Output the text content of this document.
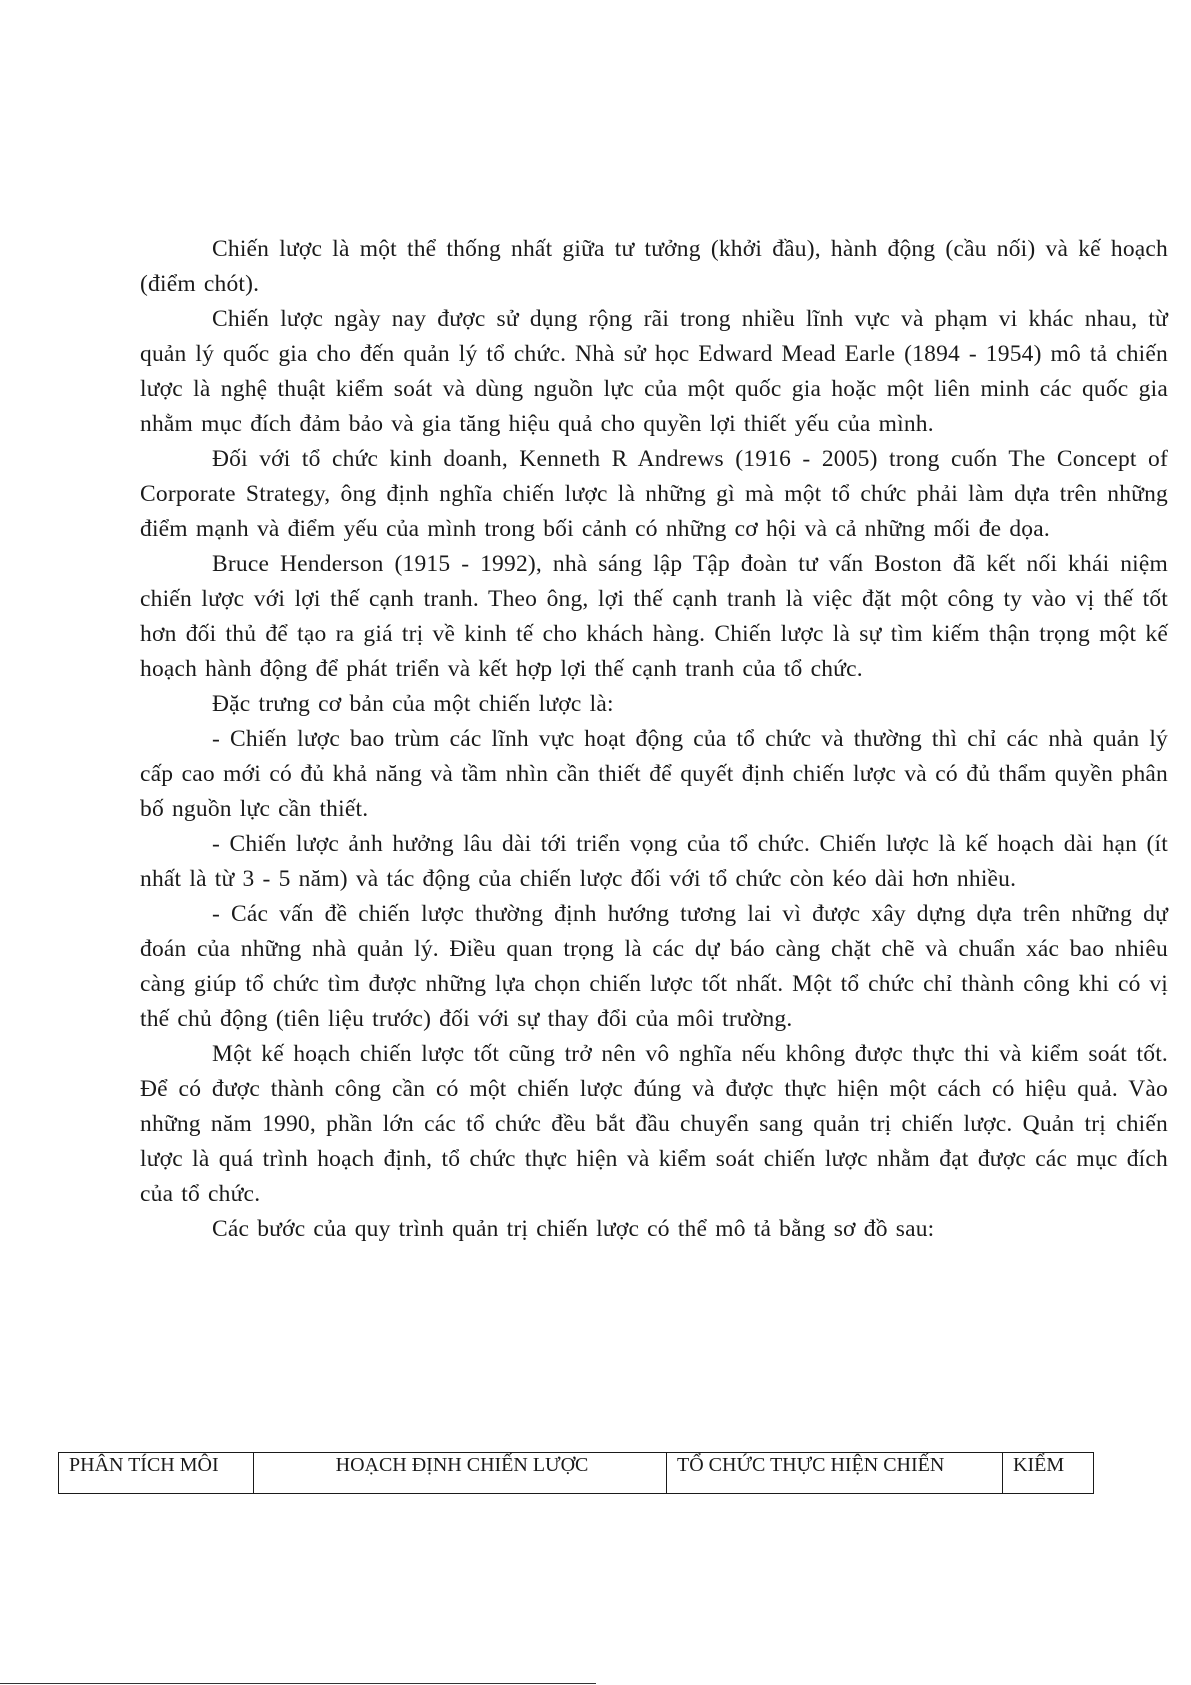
Chiến lược là một thể thống nhất giữa tư tưởng (khởi đầu), hành động (cầu nối) và kế hoạch (điểm chót).

Chiến lược ngày nay được sử dụng rộng rãi trong nhiều lĩnh vực và phạm vi khác nhau, từ quản lý quốc gia cho đến quản lý tổ chức. Nhà sử học Edward Mead Earle (1894 - 1954) mô tả chiến lược là nghệ thuật kiểm soát và dùng nguồn lực của một quốc gia hoặc một liên minh các quốc gia nhằm mục đích đảm bảo và gia tăng hiệu quả cho quyền lợi thiết yếu của mình.

Đối với tổ chức kinh doanh, Kenneth R Andrews (1916 - 2005) trong cuốn The Concept of Corporate Strategy, ông định nghĩa chiến lược là những gì mà một tổ chức phải làm dựa trên những điểm mạnh và điểm yếu của mình trong bối cảnh có những cơ hội và cả những mối đe dọa.

Bruce Henderson (1915 - 1992), nhà sáng lập Tập đoàn tư vấn Boston đã kết nối khái niệm chiến lược với lợi thế cạnh tranh. Theo ông, lợi thế cạnh tranh là việc đặt một công ty vào vị thế tốt hơn đối thủ để tạo ra giá trị về kinh tế cho khách hàng. Chiến lược là sự tìm kiếm thận trọng một kế hoạch hành động để phát triển và kết hợp lợi thế cạnh tranh của tổ chức.

Đặc trưng cơ bản của một chiến lược là:

- Chiến lược bao trùm các lĩnh vực hoạt động của tổ chức và thường thì chỉ các nhà quản lý cấp cao mới có đủ khả năng và tầm nhìn cần thiết để quyết định chiến lược và có đủ thẩm quyền phân bố nguồn lực cần thiết.

- Chiến lược ảnh hưởng lâu dài tới triển vọng của tổ chức. Chiến lược là kế hoạch dài hạn (ít nhất là từ 3 - 5 năm) và tác động của chiến lược đối với tổ chức còn kéo dài hơn nhiều.

- Các vấn đề chiến lược thường định hướng tương lai vì được xây dựng dựa trên những dự đoán của những nhà quản lý. Điều quan trọng là các dự báo càng chặt chẽ và chuẩn xác bao nhiêu càng giúp tổ chức tìm được những lựa chọn chiến lược tốt nhất. Một tổ chức chỉ thành công khi có vị thế chủ động (tiên liệu trước) đối với sự thay đổi của môi trường.

Một kế hoạch chiến lược tốt cũng trở nên vô nghĩa nếu không được thực thi và kiểm soát tốt. Để có được thành công cần có một chiến lược đúng và được thực hiện một cách có hiệu quả. Vào những năm 1990, phần lớn các tổ chức đều bắt đầu chuyển sang quản trị chiến lược. Quản trị chiến lược là quá trình hoạch định, tổ chức thực hiện và kiểm soát chiến lược nhằm đạt được các mục đích của tổ chức.

Các bước của quy trình quản trị chiến lược có thể mô tả bằng sơ đồ sau:

PHÂN TÍCH MÔI	HOẠCH ĐỊNH CHIẾN LƯỢC	TỔ CHỨC THỰC HIỆN CHIẾN	KIỂM
